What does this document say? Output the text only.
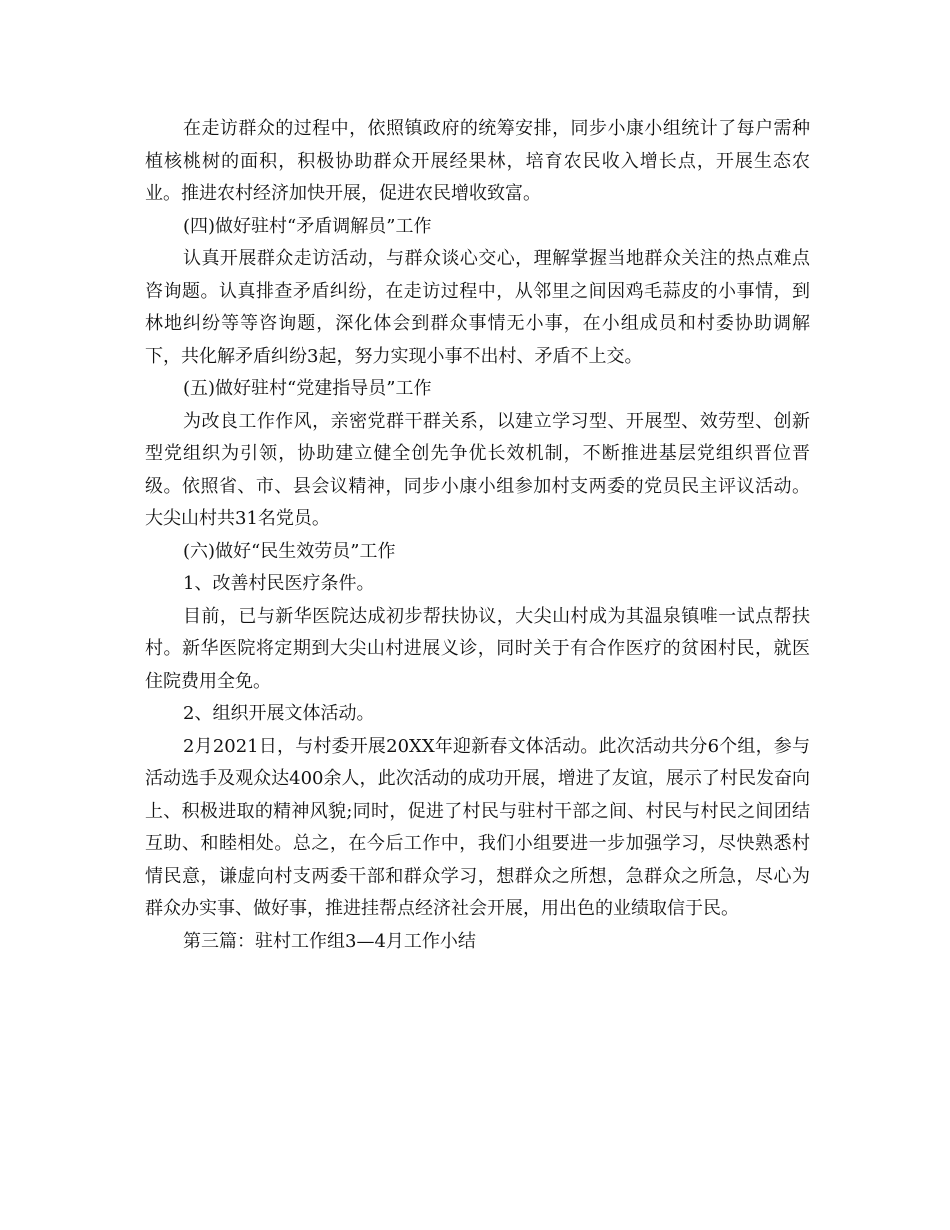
在走访群众的过程中，依照镇政府的统筹安排，同步小康小组统计了每户需种植核桃树的面积，积极协助群众开展经果林，培育农民收入增长点，开展生态农业。推进农村经济加快开展，促进农民增收致富。

(四)做好驻村“矛盾调解员”工作

认真开展群众走访活动，与群众谈心交心，理解掌握当地群众关注的热点难点咨询题。认真排查矛盾纠纷，在走访过程中，从邻里之间因鸡毛蒜皮的小事情，到林地纠纷等等咨询题，深化体会到群众事情无小事，在小组成员和村委协助调解下，共化解矛盾纠纷3起，努力实现小事不出村、矛盾不上交。

(五)做好驻村“党建指导员”工作

为改良工作作风，亲密党群干群关系，以建立学习型、开展型、效劳型、创新型党组织为引领，协助建立健全创先争优长效机制，不断推进基层党组织晋位晋级。依照省、市、县会议精神，同步小康小组参加村支两委的党员民主评议活动。大尖山村共31名党员。

(六)做好“民生效劳员”工作

1、改善村民医疗条件。

目前，已与新华医院达成初步帮扶协议，大尖山村成为其温泉镇唯一试点帮扶村。新华医院将定期到大尖山村进展义诊，同时关于有合作医疗的贫困村民，就医住院费用全免。

2、组织开展文体活动。

2月2021日，与村委开展20XX年迎新春文体活动。此次活动共分6个组，参与活动选手及观众达400余人，此次活动的成功开展，增进了友谊，展示了村民发奋向上、积极进取的精神风貌;同时，促进了村民与驻村干部之间、村民与村民之间团结互助、和睦相处。总之，在今后工作中，我们小组要进一步加强学习，尽快熟悉村情民意，谦虚向村支两委干部和群众学习，想群众之所想，急群众之所急，尽心为群众办实事、做好事，推进挂帮点经济社会开展，用出色的业绩取信于民。

第三篇：驻村工作组3—4月工作小结
